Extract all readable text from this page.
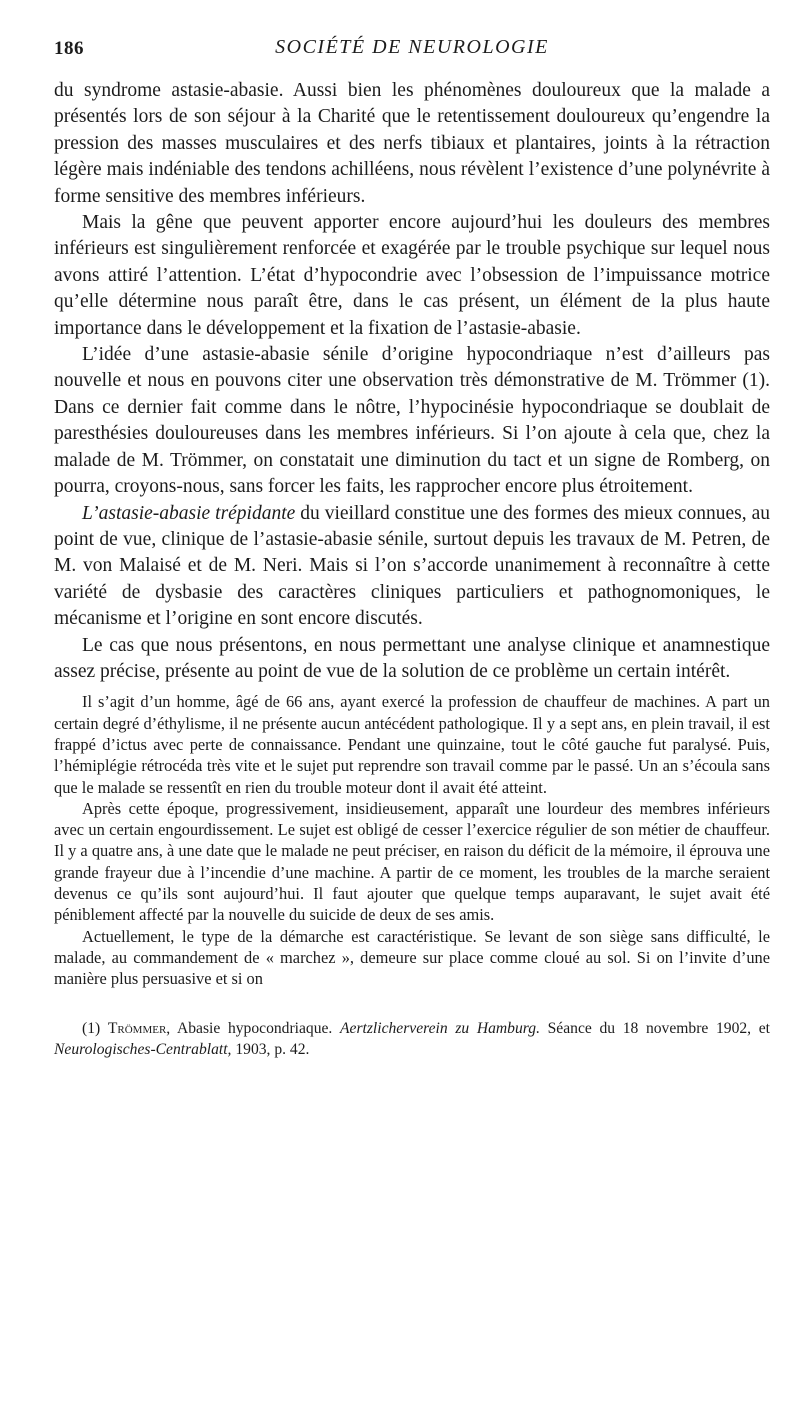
186	SOCIÉTÉ DE NEUROLOGIE

du syndrome astasie-abasie. Aussi bien les phénomènes douloureux que la malade a présentés lors de son séjour à la Charité que le retentissement douloureux qu’engendre la pression des masses musculaires et des nerfs tibiaux et plantaires, joints à la rétraction légère mais indéniable des tendons achilléens, nous révèlent l’existence d’une polynévrite à forme sensitive des membres inférieurs.

Mais la gêne que peuvent apporter encore aujourd’hui les douleurs des membres inférieurs est singulièrement renforcée et exagérée par le trouble psychique sur lequel nous avons attiré l’attention. L’état d’hypocondrie avec l’obsession de l’impuissance motrice qu’elle détermine nous paraît être, dans le cas présent, un élément de la plus haute importance dans le développement et la fixation de l’astasie-abasie.

L’idée d’une astasie-abasie sénile d’origine hypocondriaque n’est d’ailleurs pas nouvelle et nous en pouvons citer une observation très démonstrative de M. Trömmer (1). Dans ce dernier fait comme dans le nôtre, l’hypocinésie hypocondriaque se doublait de paresthésies douloureuses dans les membres inférieurs. Si l’on ajoute à cela que, chez la malade de M. Trömmer, on constatait une diminution du tact et un signe de Romberg, on pourra, croyons-nous, sans forcer les faits, les rapprocher encore plus étroitement.

L’astasie-abasie trépidante du vieillard constitue une des formes des mieux connues, au point de vue, clinique de l’astasie-abasie sénile, surtout depuis les travaux de M. Petren, de M. von Malaisé et de M. Neri. Mais si l’on s’accorde unanimement à reconnaître à cette variété de dysbasie des caractères cliniques particuliers et pathognomoniques, le mécanisme et l’origine en sont encore discutés.

Le cas que nous présentons, en nous permettant une analyse clinique et anamnestique assez précise, présente au point de vue de la solution de ce problème un certain intérêt.

Il s’agit d’un homme, âgé de 66 ans, ayant exercé la profession de chauffeur de machines. A part un certain degré d’éthylisme, il ne présente aucun antécédent pathologique. Il y a sept ans, en plein travail, il est frappé d’ictus avec perte de connaissance. Pendant une quinzaine, tout le côté gauche fut paralysé. Puis, l’hémiplégie rétrocéda très vite et le sujet put reprendre son travail comme par le passé. Un an s’écoula sans que le malade se ressentît en rien du trouble moteur dont il avait été atteint.

Après cette époque, progressivement, insidieusement, apparaît une lourdeur des membres inférieurs avec un certain engourdissement. Le sujet est obligé de cesser l’exercice régulier de son métier de chauffeur. Il y a quatre ans, à une date que le malade ne peut préciser, en raison du déficit de la mémoire, il éprouva une grande frayeur due à l’incendie d’une machine. A partir de ce moment, les troubles de la marche seraient devenus ce qu’ils sont aujourd’hui. Il faut ajouter que quelque temps auparavant, le sujet avait été péniblement affecté par la nouvelle du suicide de deux de ses amis.

Actuellement, le type de la démarche est caractéristique. Se levant de son siège sans difficulté, le malade, au commandement de « marchez », demeure sur place comme cloué au sol. Si on l’invite d’une manière plus persuasive et si on

(1) Trömmer, Abasie hypocondriaque. Aertzlicherverein zu Hamburg. Séance du 18 novembre 1902, et Neurologisches-Centrablatt, 1903, p. 42.
